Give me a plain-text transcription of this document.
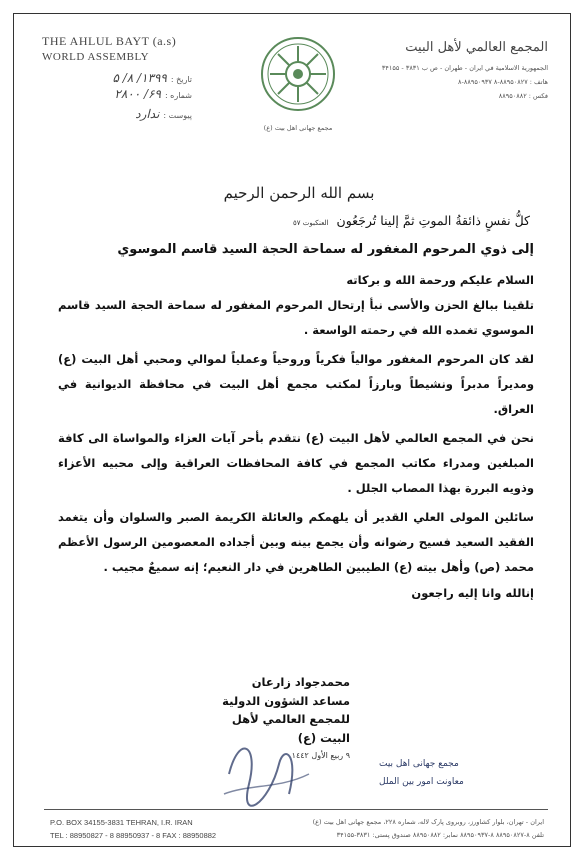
THE AHLUL BAYT (a.s)
WORLD ASSEMBLY
تاريخ :
۱۳۹۹/ ۸/ ۵
شماره :
۶۹/ ۲۸۰۰
پيوست :
ندارد
مجمع جهانى اهل بيت (ع)
المجمع العالمي لأهل البيت
الجمهورية الاسلامية في ايران - طهران - ص ب ۳۸۳۱ - ۳۴۱۵۵
هاتف : ۸۸۹۵۰۸۲۷-۸ ۸۸۹۵۰۹۳۷-۸
فكس : ۸۸۹۵۰۸۸۲
بسم الله الرحمن الرحيم
كلُّ نفسٍ ذائقةُ الموتِ ثمَّ إلينا تُرجَعُون العنكبوت ٥٧
إلى ذوي المرحوم المغفور له سماحة الحجة السيد قاسم الموسوي
السلام عليكم ورحمة الله و بركاته
تلقينا ببالغ الحزن والأسى نبأ إرتحال المرحوم المغفور له سماحة الحجة السيد قاسم الموسوي تغمده الله في رحمته الواسعة .
لقد كان المرحوم المغفور موالياً فكرياً وروحياً وعملياً لموالي ومحبي أهل البيت (ع) ومديراً مدبراً ونشيطاً وبارزاً لمكتب مجمع أهل البيت في محافظة الديوانية في العراق.
نحن في المجمع العالمي لأهل البيت (ع) نتقدم بأحر آيات العزاء والمواساة الى كافة المبلغين ومدراء مكاتب المجمع في كافة المحافظات العراقية وإلى محبيه الأعزاء وذويه البررة بهذا المصاب الجلل .
سائلين المولى العلي القدير أن يلهمكم والعائلة الكريمة الصبر والسلوان وأن يتغمد الفقيد السعيد فسيح رضوانه وأن يجمع بينه وبين أجداده المعصومين الرسول الأعظم محمد (ص) وأهل بيته (ع) الطيبين الطاهرين في دار النعيم؛ إنه سميعٌ مجيب .
إنالله وانا إليه راجعون
محمدجواد زارعان
مساعد الشؤون الدولية
للمجمع العالمي لأهل البيت (ع)
٩ ربيع الأول ١٤٤٢
مجمع جهانى اهل بيت
معاونت امور بين الملل
P.O. BOX 34155-3831 TEHRAN, I.R. IRAN
TEL : 88950827 - 8 88950937 - 8 FAX : 88950882
ايران - تهران، بلوار كشاورز، روبروى پارک لاله، شماره ۲۲۸، مجمع جهانى اهل بيت (ع)
تلفن ۸-۸۸۹۵۰۸۲۷ ۸-۸۸۹۵۰۹۳۷ نمابر: ۸۸۹۵۰۸۸۲ صندوق پستى: ۳۸۳۱-۳۴۱۵۵
